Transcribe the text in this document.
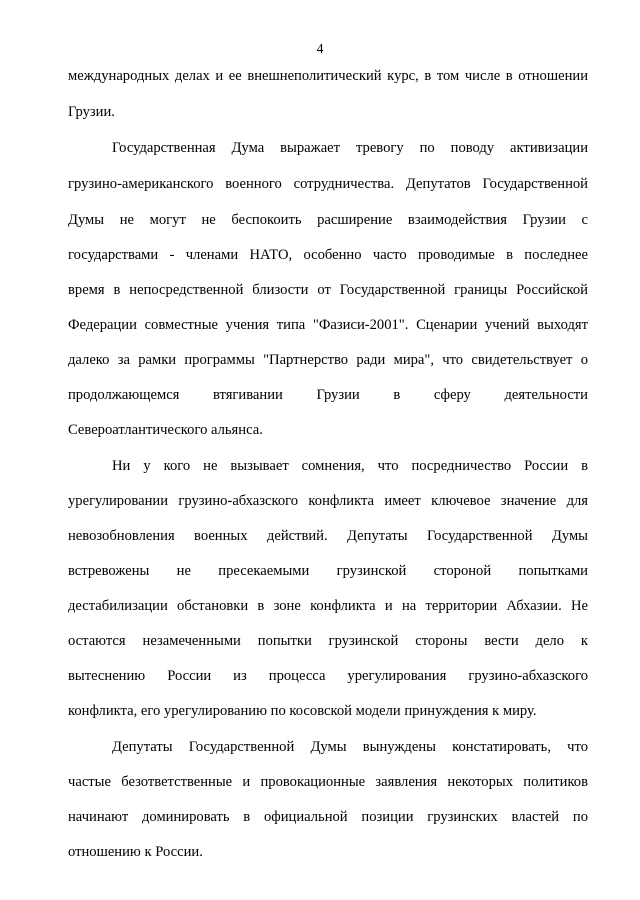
4
международных делах и ее внешнеполитический курс, в том числе в отношении
Грузии.
Государственная Дума выражает тревогу по поводу активизации
грузино-американского военного сотрудничества. Депутатов Государственной
Думы не могут не беспокоить расширение взаимодействия Грузии с
государствами - членами НАТО, особенно часто проводимые в последнее
время в непосредственной близости от Государственной границы Российской
Федерации совместные учения типа "Фазиси-2001". Сценарии учений выходят
далеко за рамки программы "Партнерство ради мира", что свидетельствует о
продолжающемся втягивании Грузии в сферу деятельности
Североатлантического альянса.
Ни у кого не вызывает сомнения, что посредничество России в
урегулировании грузино-абхазского конфликта имеет ключевое значение для
невозобновления военных действий. Депутаты Государственной Думы
встревожены не пресекаемыми грузинской стороной попытками
дестабилизации обстановки в зоне конфликта и на территории Абхазии. Не
остаются незамеченными попытки грузинской стороны вести дело к
вытеснению России из процесса урегулирования грузино-абхазского
конфликта, его урегулированию по косовской модели принуждения к миру.
Депутаты Государственной Думы вынуждены констатировать, что
частые безответственные и провокационные заявления некоторых политиков
начинают доминировать в официальной позиции грузинских властей по
отношению к России.
